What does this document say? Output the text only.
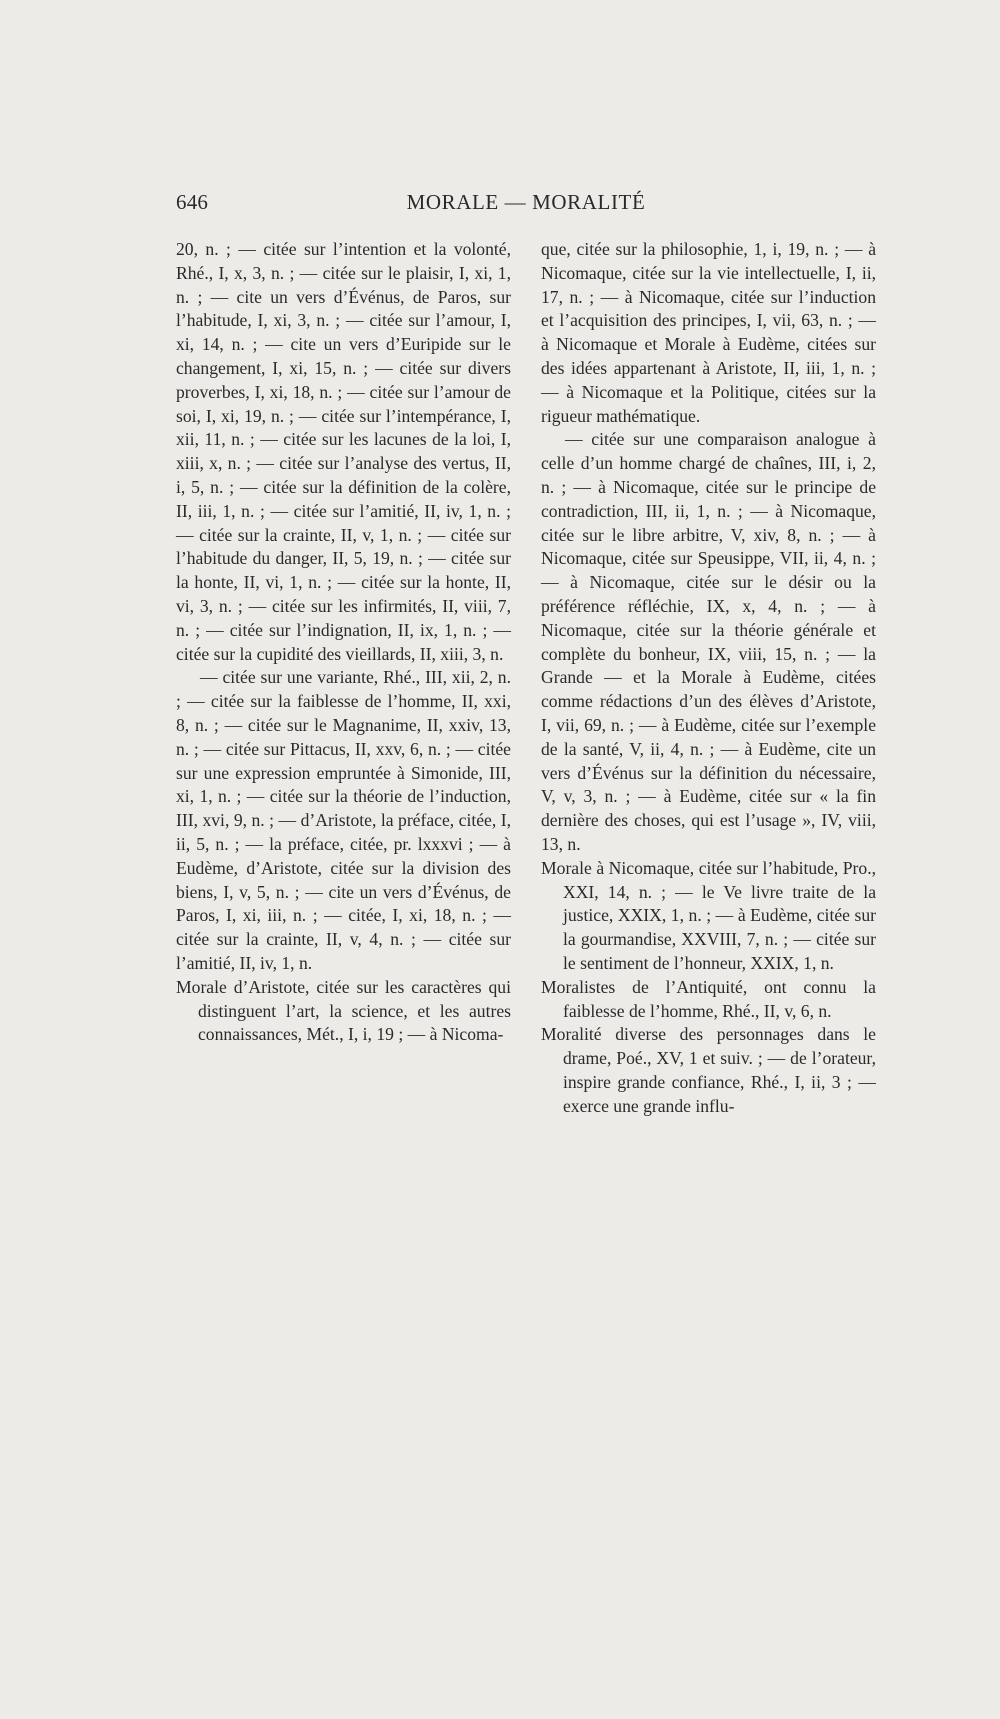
646	MORALE — MORALITÉ

20, n. ; — citée sur l’intention et la volonté, Rhé., I, x, 3, n. ; — citée sur le plaisir, I, xi, 1, n. ; — cite un vers d’Événus, de Paros, sur l’habitude, I, xi, 3, n. ; — citée sur l’amour, I, xi, 14, n. ; — cite un vers d’Euripide sur le changement, I, xi, 15, n. ; — citée sur divers proverbes, I, xi, 18, n. ; — citée sur l’amour de soi, I, xi, 19, n. ; — citée sur l’intempérance, I, xii, 11, n. ; — citée sur les lacunes de la loi, I, xiii, x, n. ; — citée sur l’analyse des vertus, II, i, 5, n. ; — citée sur la définition de la colère, II, iii, 1, n. ; — citée sur l’amitié, II, iv, 1, n. ; — citée sur la crainte, II, v, 1, n. ; — citée sur l’habitude du danger, II, 5, 19, n. ; — citée sur la honte, II, vi, 1, n. ; — citée sur la honte, II, vi, 3, n. ; — citée sur les infirmités, II, viii, 7, n. ; — citée sur l’indignation, II, ix, 1, n. ; — citée sur la cupidité des vieillards, II, xiii, 3, n.

— citée sur une variante, Rhé., III, xii, 2, n. ; — citée sur la faiblesse de l’homme, II, xxi, 8, n. ; — citée sur le Magnanime, II, xxiv, 13, n. ; — citée sur Pittacus, II, xxv, 6, n. ; — citée sur une expression empruntée à Simonide, III, xi, 1, n. ; — citée sur la théorie de l’induction, III, xvi, 9, n. ; — d’Aristote, la préface, citée, I, ii, 5, n. ; — la préface, citée, pr. lxxxvi ; — à Eudème, d’Aristote, citée sur la division des biens, I, v, 5, n. ; — cite un vers d’Événus, de Paros, I, xi, iii, n. ; — citée, I, xi, 18, n. ; — citée sur la crainte, II, v, 4, n. ; — citée sur l’amitié, II, iv, 1, n.

Morale d’Aristote, citée sur les caractères qui distinguent l’art, la science, et les autres connaissances, Mét., I, i, 19 ; — à Nicoma-

que, citée sur la philosophie, 1, i, 19, n. ; — à Nicomaque, citée sur la vie intellectuelle, I, ii, 17, n. ; — à Nicomaque, citée sur l’induction et l’acquisition des principes, I, vii, 63, n. ; — à Nicomaque et Morale à Eudème, citées sur des idées appartenant à Aristote, II, iii, 1, n. ; — à Nicomaque et la Politique, citées sur la rigueur mathématique.

— citée sur une comparaison analogue à celle d’un homme chargé de chaînes, III, i, 2, n. ; — à Nicomaque, citée sur le principe de contradiction, III, ii, 1, n. ; — à Nicomaque, citée sur le libre arbitre, V, xiv, 8, n. ; — à Nicomaque, citée sur Speusippe, VII, ii, 4, n. ; — à Nicomaque, citée sur le désir ou la préférence réfléchie, IX, x, 4, n. ; — à Nicomaque, citée sur la théorie générale et complète du bonheur, IX, viii, 15, n. ; — la Grande — et la Morale à Eudème, citées comme rédactions d’un des élèves d’Aristote, I, vii, 69, n. ; — à Eudème, citée sur l’exemple de la santé, V, ii, 4, n. ; — à Eudème, cite un vers d’Événus sur la définition du nécessaire, V, v, 3, n. ; — à Eudème, citée sur « la fin dernière des choses, qui est l’usage », IV, viii, 13, n.

Morale à Nicomaque, citée sur l’habitude, Pro., XXI, 14, n. ; — le Ve livre traite de la justice, XXIX, 1, n. ; — à Eudème, citée sur la gourmandise, XXVIII, 7, n. ; — citée sur le sentiment de l’honneur, XXIX, 1, n.

Moralistes de l’Antiquité, ont connu la faiblesse de l’homme, Rhé., II, v, 6, n.

Moralité diverse des personnages dans le drame, Poé., XV, 1 et suiv. ; — de l’orateur, inspire grande confiance, Rhé., I, ii, 3 ; — exerce une grande influ-
